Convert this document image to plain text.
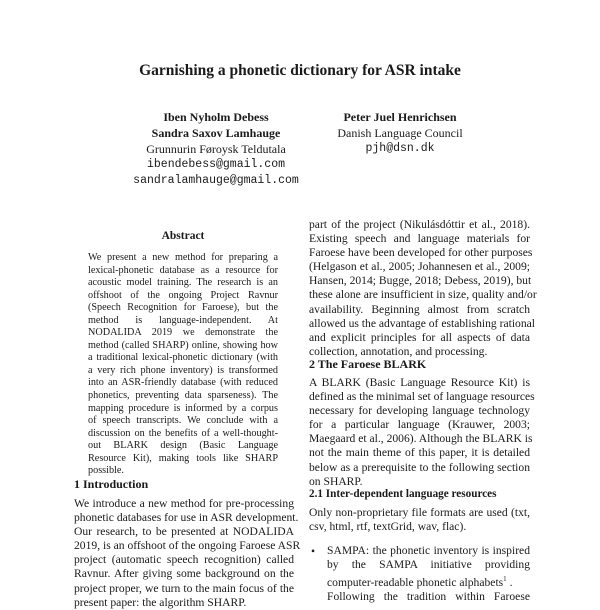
Garnishing a phonetic dictionary for ASR intake
Iben Nyholm Debess
Sandra Saxov Lamhauge
Grunnurin Føroysk Teldutala
ibendebess@gmail.com
sandralamhauge@gmail.com
Peter Juel Henrichsen
Danish Language Council
pjh@dsn.dk
Abstract
We present a new method for preparing a
lexical-phonetic database as a resource for
acoustic model training. The research is an
offshoot of the ongoing Project Ravnur
(Speech Recognition for Faroese), but the
method is language-independent. At
NODALIDA 2019 we demonstrate the
method (called SHARP) online, showing how
a traditional lexical-phonetic dictionary (with
a very rich phone inventory) is transformed
into an ASR-friendly database (with reduced
phonetics, preventing data sparseness). The
mapping procedure is informed by a corpus
of speech transcripts. We conclude with a
discussion on the benefits of a well-thought-
out BLARK design (Basic Language
Resource Kit), making tools like SHARP
possible.
1 Introduction
We introduce a new method for pre-processing
phonetic databases for use in ASR development.
Our research, to be presented at NODALIDA
2019, is an offshoot of the ongoing Faroese ASR
project (automatic speech recognition) called
Ravnur. After giving some background on the
project proper, we turn to the main focus of the
present paper: the algorithm SHARP.
part of the project (Nikulásdóttir et al., 2018).
Existing speech and language materials for
Faroese have been developed for other purposes
(Helgason et al., 2005; Johannesen et al., 2009;
Hansen, 2014; Bugge, 2018; Debess, 2019), but
these alone are insufficient in size, quality and/or
availability. Beginning almost from scratch
allowed us the advantage of establishing rational
and explicit principles for all aspects of data
collection, annotation, and processing.
2 The Faroese BLARK
A BLARK (Basic Language Resource Kit) is
defined as the minimal set of language resources
necessary for developing language technology
for a particular language (Krauwer, 2003;
Maegaard et al., 2006). Although the BLARK is
not the main theme of this paper, it is detailed
below as a prerequisite to the following section
on SHARP.
2.1 Inter-dependent language resources
Only non-proprietary file formats are used (txt,
csv, html, rtf, textGrid, wav, flac).
• SAMPA: the phonetic inventory is inspired
by the SAMPA initiative providing
computer-readable phonetic alphabets$^1$ .
Following the tradition within Faroese
